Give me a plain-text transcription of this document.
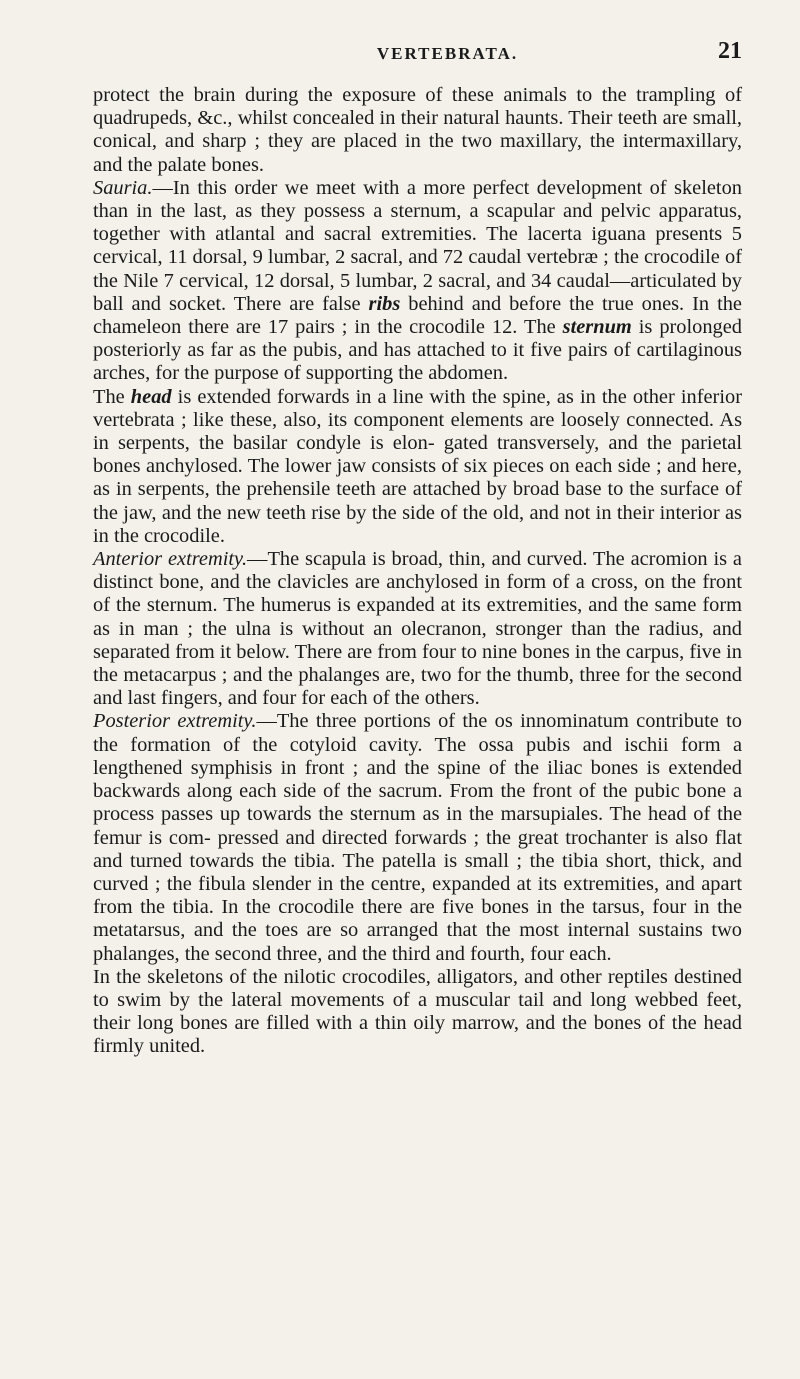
VERTEBRATA.	21

protect the brain during the exposure of these animals to the trampling of quadrupeds, &c., whilst concealed in their natural haunts. Their teeth are small, conical, and sharp ; they are placed in the two maxillary, the intermaxillary, and the palate bones.

Sauria.—In this order we meet with a more perfect development of skeleton than in the last, as they possess a sternum, a scapular and pelvic apparatus, together with atlantal and sacral extremities. The lacerta iguana presents 5 cervical, 11 dorsal, 9 lumbar, 2 sacral, and 72 caudal vertebræ ; the crocodile of the Nile 7 cervical, 12 dorsal, 5 lumbar, 2 sacral, and 34 caudal—articulated by ball and socket. There are false ribs behind and before the true ones. In the chameleon there are 17 pairs ; in the crocodile 12. The sternum is prolonged posteriorly as far as the pubis, and has attached to it five pairs of cartilaginous arches, for the purpose of supporting the abdomen.

The head is extended forwards in a line with the spine, as in the other inferior vertebrata ; like these, also, its component elements are loosely connected. As in serpents, the basilar condyle is elon- gated transversely, and the parietal bones anchylosed. The lower jaw consists of six pieces on each side ; and here, as in serpents, the prehensile teeth are attached by broad base to the surface of the jaw, and the new teeth rise by the side of the old, and not in their interior as in the crocodile.

Anterior extremity.—The scapula is broad, thin, and curved. The acromion is a distinct bone, and the clavicles are anchylosed in form of a cross, on the front of the sternum. The humerus is expanded at its extremities, and the same form as in man ; the ulna is without an olecranon, stronger than the radius, and separated from it below. There are from four to nine bones in the carpus, five in the metacarpus ; and the phalanges are, two for the thumb, three for the second and last fingers, and four for each of the others.

Posterior extremity.—The three portions of the os innominatum contribute to the formation of the cotyloid cavity. The ossa pubis and ischii form a lengthened symphisis in front ; and the spine of the iliac bones is extended backwards along each side of the sacrum. From the front of the pubic bone a process passes up towards the sternum as in the marsupiales. The head of the femur is com- pressed and directed forwards ; the great trochanter is also flat and turned towards the tibia. The patella is small ; the tibia short, thick, and curved ; the fibula slender in the centre, expanded at its extremities, and apart from the tibia. In the crocodile there are five bones in the tarsus, four in the metatarsus, and the toes are so arranged that the most internal sustains two phalanges, the second three, and the third and fourth, four each.

In the skeletons of the nilotic crocodiles, alligators, and other reptiles destined to swim by the lateral movements of a muscular tail and long webbed feet, their long bones are filled with a thin oily marrow, and the bones of the head firmly united.
